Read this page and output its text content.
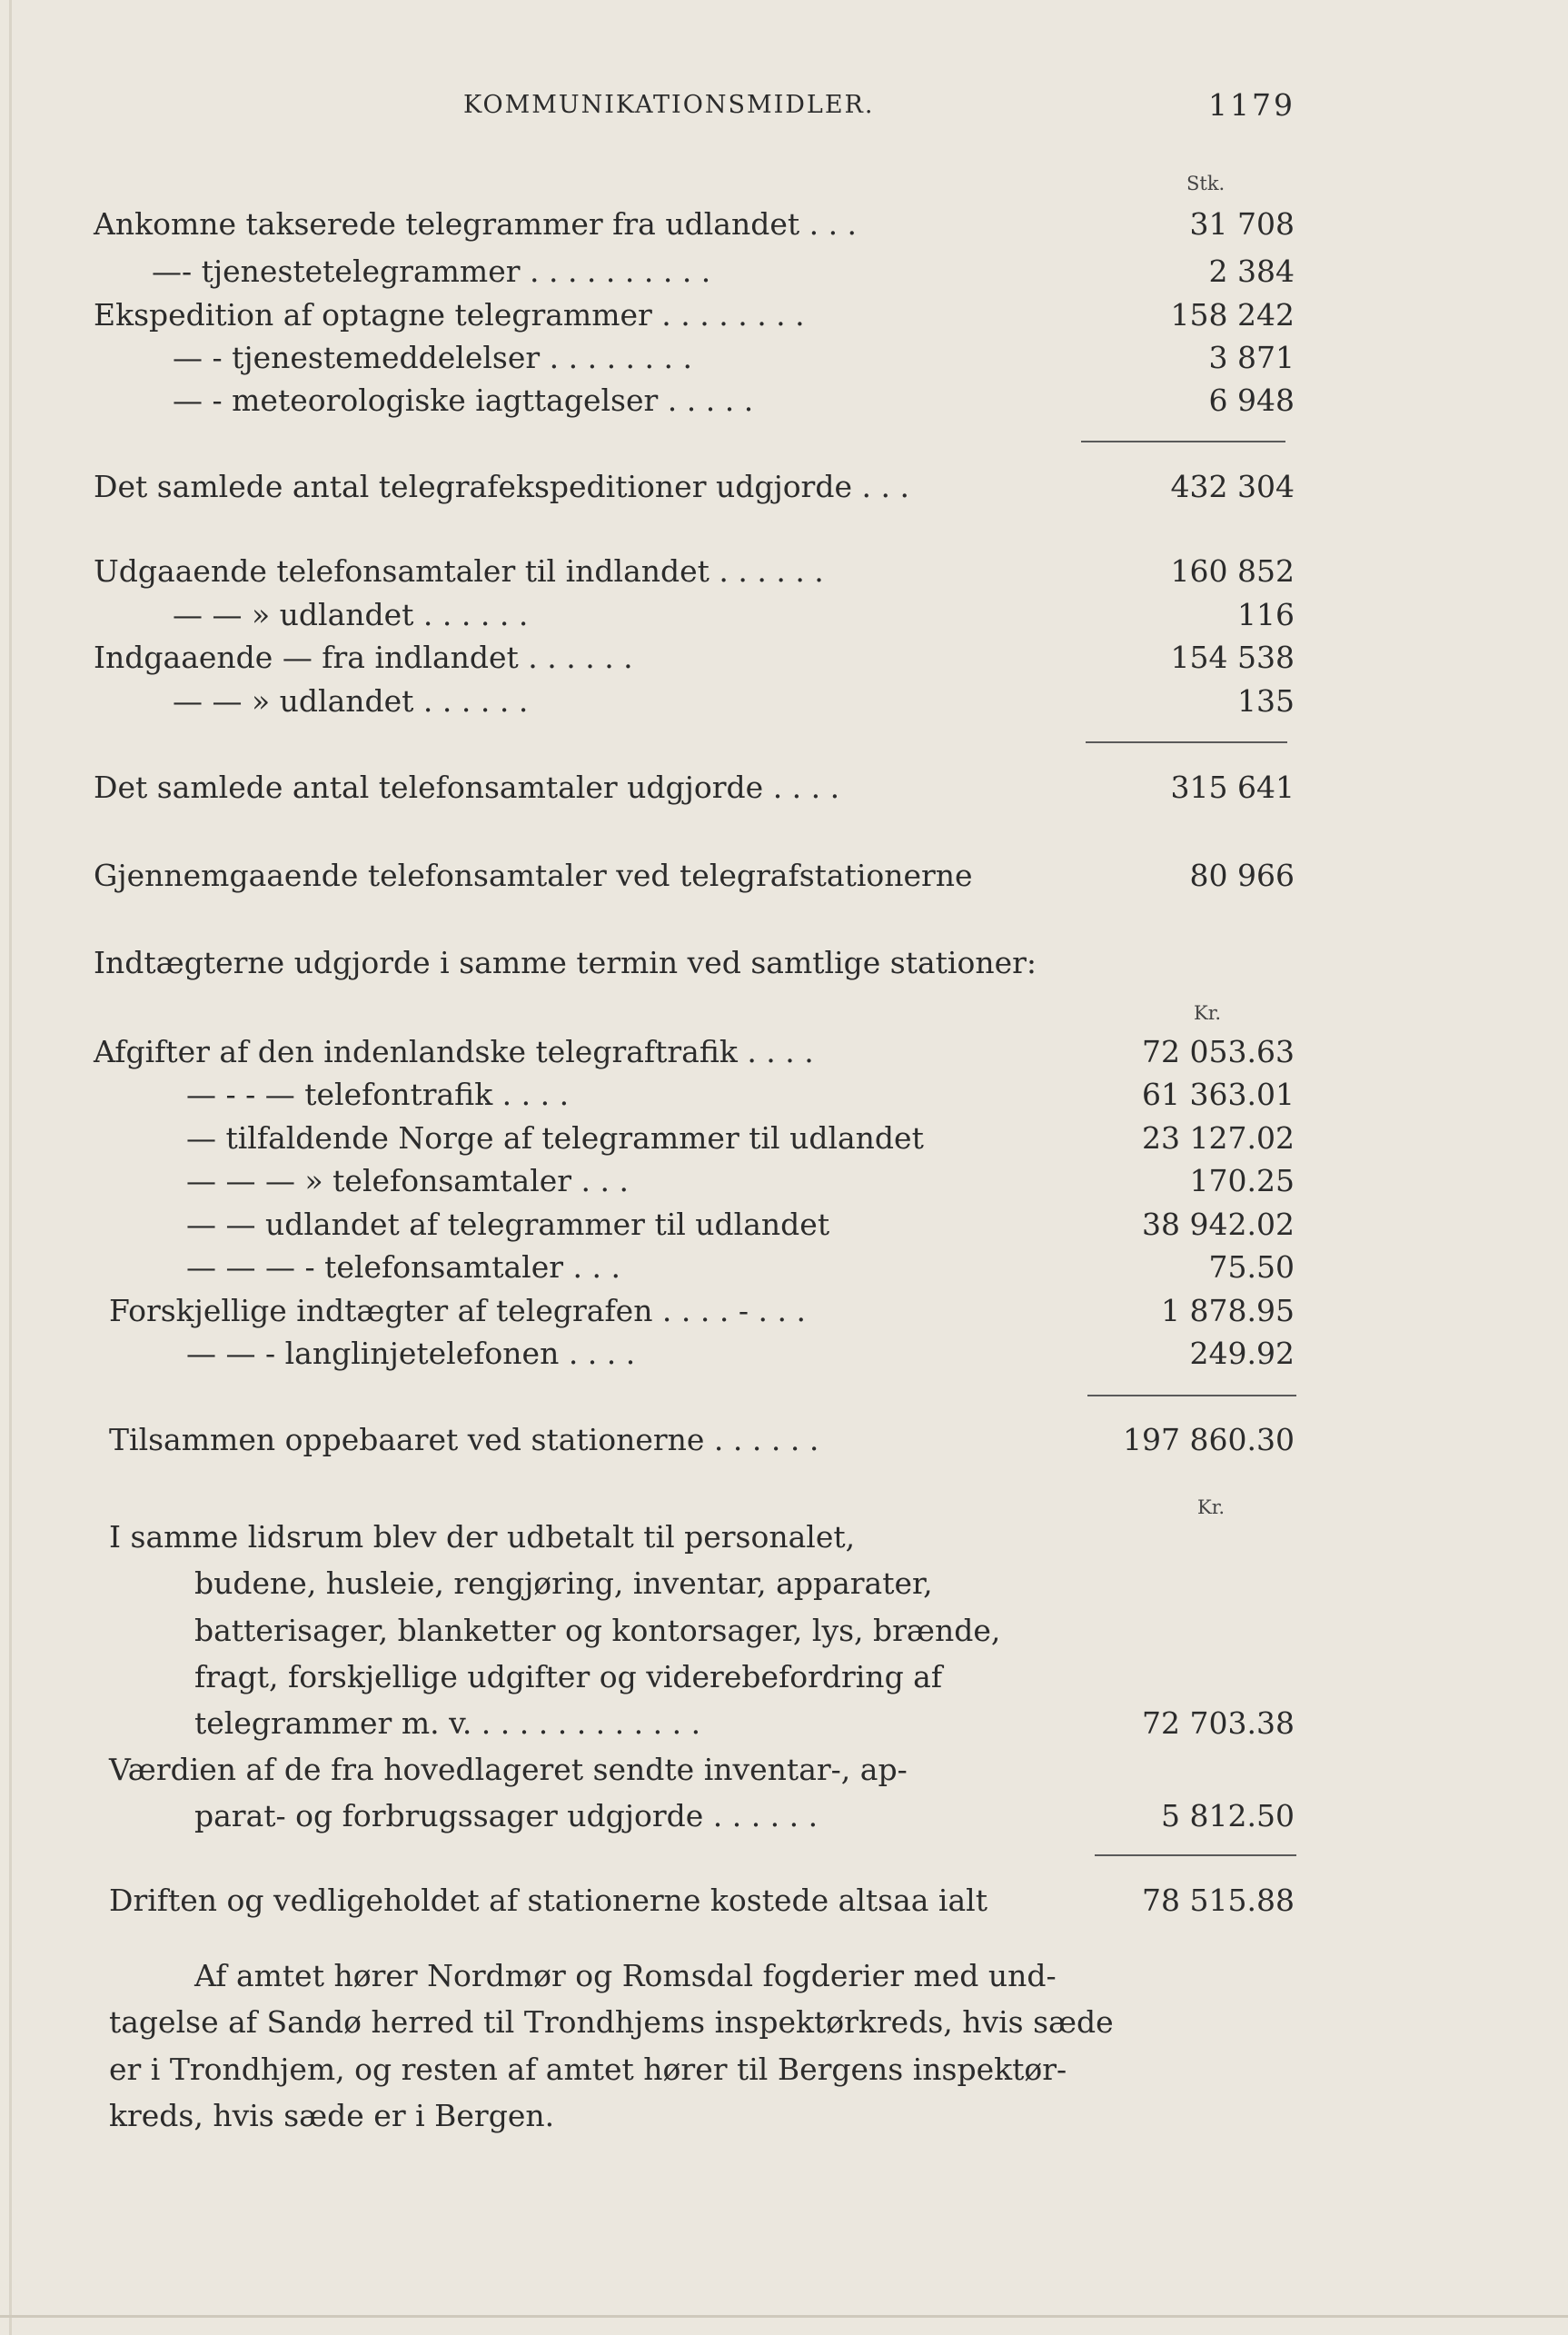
KOMMUNIKATIONSMIDLER.	1179
Stk.
Ankomne takserede telegrammer fra udlandet . . .	31 708
—- tjenestetelegrammer . . . . . . . . . .	2 384
Ekspedition af optagne telegrammer . . . . . . . .	158 242
— - tjenestemeddelelser . . . . . . . .	3 871
— - meteorologiske iagttagelser . . . . .	6 948
Det samlede antal telegrafekspeditioner udgjorde . . .	432 304
Udgaaende telefonsamtaler til indlandet . . . . . .	160 852
— — » udlandet . . . . . .	116
Indgaaende — fra indlandet . . . . . .	154 538
— — » udlandet . . . . . .	135
Det samlede antal telefonsamtaler udgjorde . . . .	315 641
Gjennemgaaende telefonsamtaler ved telegrafstationerne	80 966
Indtægterne udgjorde i samme termin ved samtlige stationer:
Kr.
Afgifter af den indenlandske telegraftrafik . . . .	72 053.63
— - - — telefontrafik . . . .	61 363.01
— tilfaldende Norge af telegrammer til udlandet	23 127.02
— — — » telefonsamtaler . . .	170.25
— — udlandet af telegrammer til udlandet	38 942.02
— — — - telefonsamtaler . . .	75.50
Forskjellige indtægter af telegrafen . . . . - . . .	1 878.95
— — - langlinjetelefonen . . . .	249.92
Tilsammen oppebaaret ved stationerne . . . . . .	197 860.30
Kr.
I samme lidsrum blev der udbetalt til personalet,
budene, husleie, rengjøring, inventar, apparater,
batterisager, blanketter og kontorsager, lys, brænde,
fragt, forskjellige udgifter og viderebefordring af
telegrammer m. v. . . . . . . . . . . . .	72 703.38
Værdien af de fra hovedlageret sendte inventar-, ap-
parat- og forbrugssager udgjorde . . . . . .	5 812.50
Driften og vedligeholdet af stationerne kostede altsaa ialt	78 515.88
Af amtet hører Nordmør og Romsdal fogderier med und-
tagelse af Sandø herred til Trondhjems inspektørkreds, hvis sæde
er i Trondhjem, og resten af amtet hører til Bergens inspektør-
kreds, hvis sæde er i Bergen.
